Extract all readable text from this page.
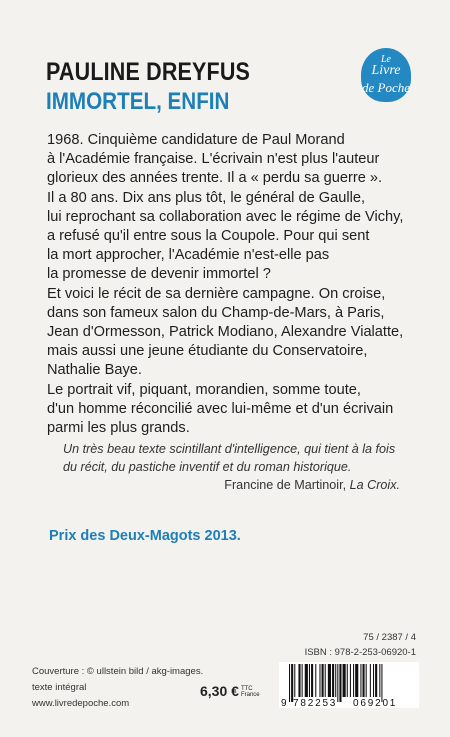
PAULINE DREYFUS
IMMORTEL, ENFIN
Le
Livre
de Poche

1968. Cinquième candidature de Paul Morand

à l'Académie française. L'écrivain n'est plus l'auteur

glorieux des années trente. Il a « perdu sa guerre ».

Il a 80 ans. Dix ans plus tôt, le général de Gaulle,

lui reprochant sa collaboration avec le régime de Vichy,

a refusé qu'il entre sous la Coupole. Pour qui sent

la mort approcher, l'Académie n'est-elle pas

la promesse de devenir immortel ?

Et voici le récit de sa dernière campagne. On croise,

dans son fameux salon du Champ-de-Mars, à Paris,

Jean d'Ormesson, Patrick Modiano, Alexandre Vialatte,

mais aussi une jeune étudiante du Conservatoire,

Nathalie Baye.

Le portrait vif, piquant, morandien, somme toute,

d'un homme réconcilié avec lui-même et d'un écrivain

parmi les plus grands.

Un très beau texte scintillant d'intelligence, qui tient à la fois

du récit, du pastiche inventif et du roman historique.

Francine de Martinoir, La Croix.

Prix des Deux-Magots 2013.
75 / 2387 / 4
ISBN : 978-2-253-06920-1
9 782253 069201

Couverture : © ullstein bild / akg-images.

texte intégral

www.livredepoche.com

6,30 € TTC
France
